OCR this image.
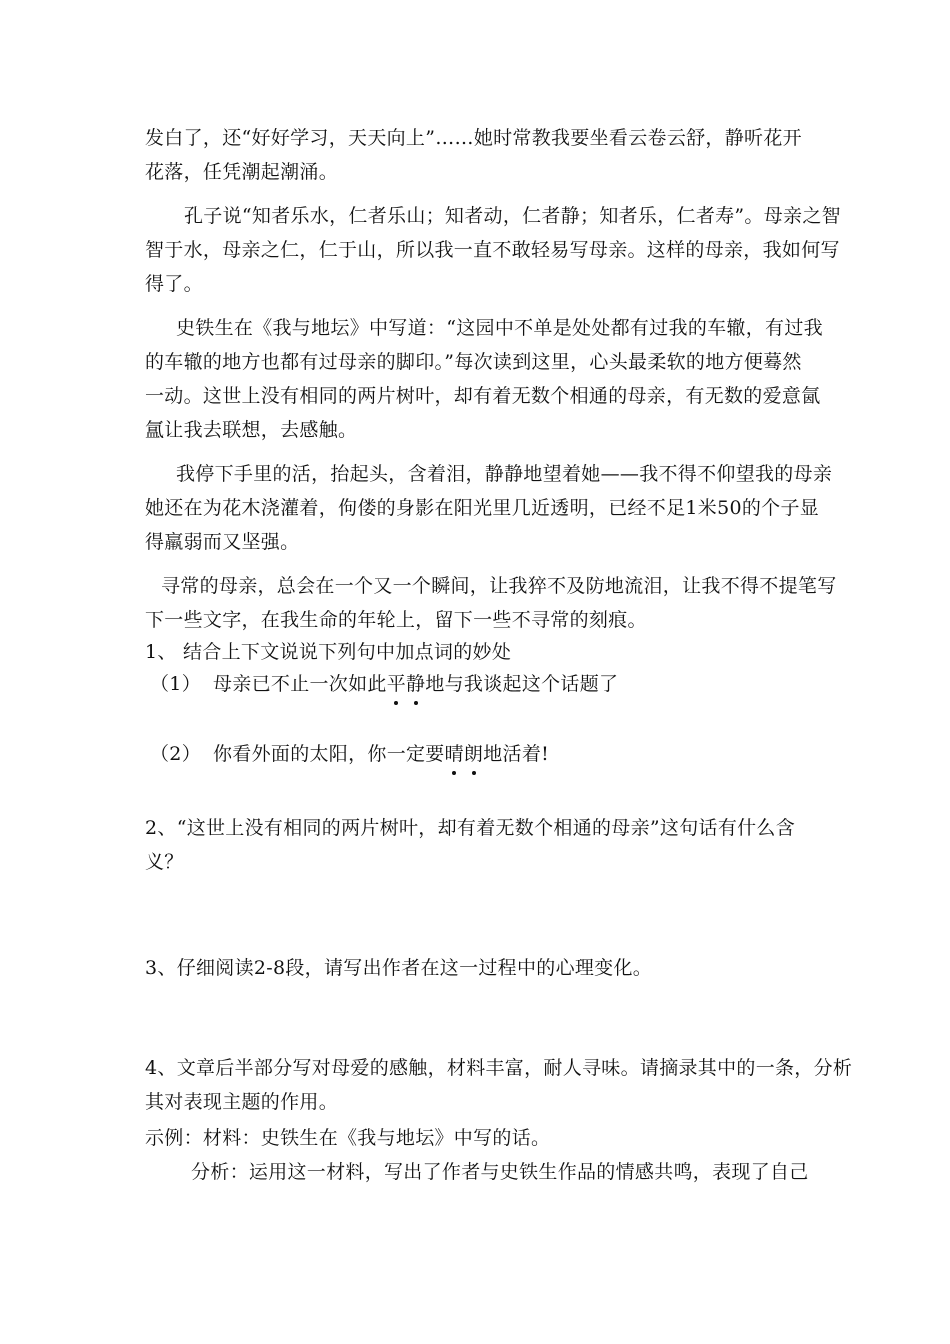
发白了，还“好好学习，天天向上”……她时常教我要坐看云卷云舒，静听花开
花落，任凭潮起潮涌。
孔子说“知者乐水，仁者乐山；知者动，仁者静；知者乐，仁者寿”。母亲之智
智于水，母亲之仁，仁于山，所以我一直不敢轻易写母亲。这样的母亲，我如何写
得了。
史铁生在《我与地坛》中写道：“这园中不单是处处都有过我的车辙，有过我
的车辙的地方也都有过母亲的脚印。”每次读到这里，心头最柔软的地方便蓦然
一动。这世上没有相同的两片树叶，却有着无数个相通的母亲，有无数的爱意氤
氲让我去联想，去感触。
我停下手里的活，抬起头，含着泪，静静地望着她——我不得不仰望我的母亲
她还在为花木浇灌着，佝偻的身影在阳光里几近透明，已经不足1米50的个子显
得羸弱而又坚强。
寻常的母亲，总会在一个又一个瞬间，让我猝不及防地流泪，让我不得不提笔写
下一些文字，在我生命的年轮上，留下一些不寻常的刻痕。
1、 结合上下文说说下列句中加点词的妙处
（1） 母亲已不止一次如此平静地与我谈起这个话题了
（2） 你看外面的太阳，你一定要晴朗地活着!
2、“这世上没有相同的两片树叶，却有着无数个相通的母亲”这句话有什么含
义？
3、仔细阅读2-8段，请写出作者在这一过程中的心理变化。
4、文章后半部分写对母爱的感触，材料丰富，耐人寻味。请摘录其中的一条，分析
其对表现主题的作用。
示例：材料：史铁生在《我与地坛》中写的话。
分析：运用这一材料，写出了作者与史铁生作品的情感共鸣，表现了自己
